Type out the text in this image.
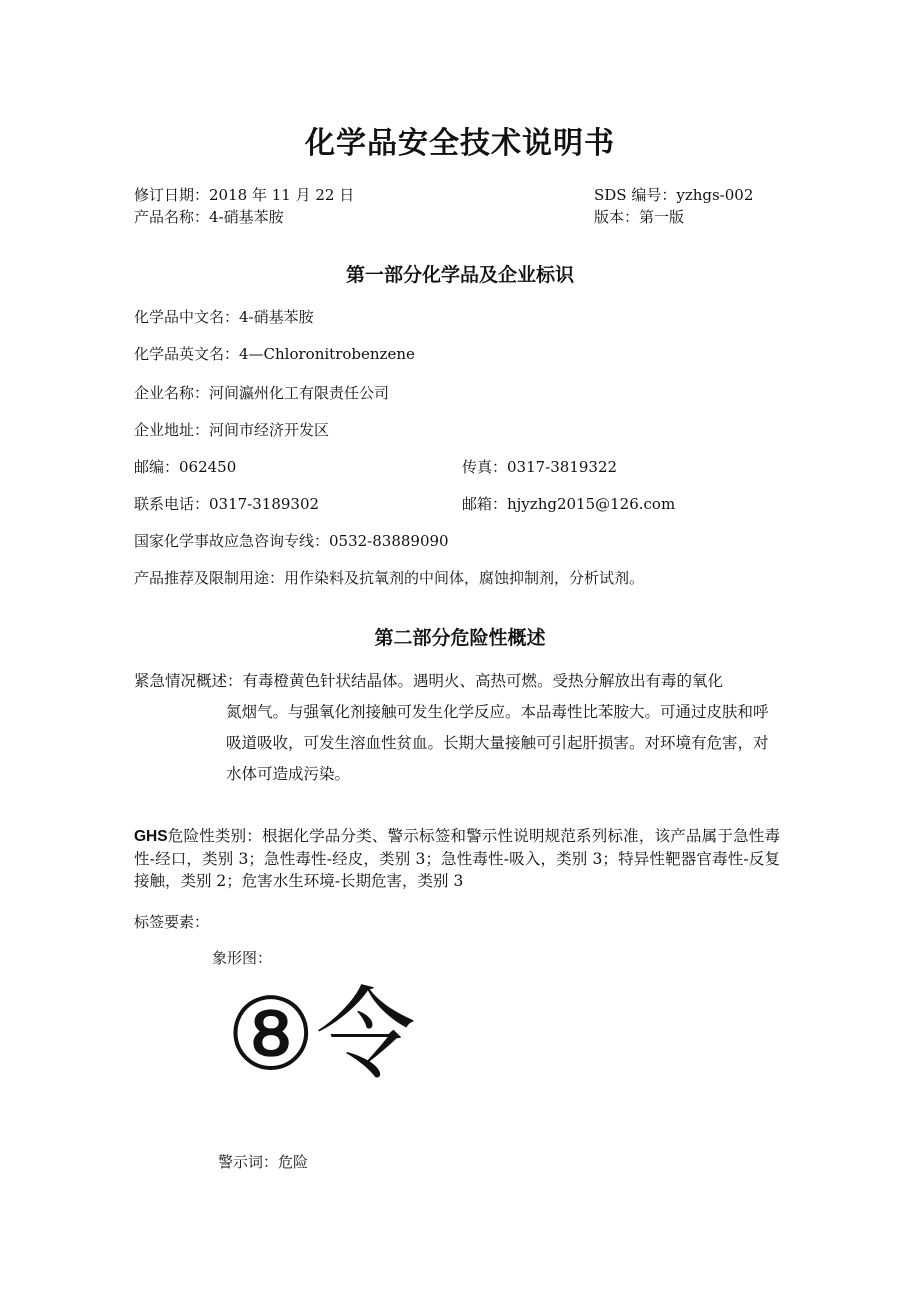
化学品安全技术说明书
修订日期：2018 年 11 月 22 日	SDS 编号：yzhgs-002
产品名称：4-硝基苯胺	版本：第一版
第一部分化学品及企业标识
化学品中文名：4-硝基苯胺
化学品英文名：4—Chloronitrobenzene
企业名称：河间瀛州化工有限责任公司
企业地址：河间市经济开发区
邮编：062450	传真：0317-3819322
联系电话：0317-3189302	邮箱：hjyzhg2015@126.com
国家化学事故应急咨询专线：0532-83889090
产品推荐及限制用途：用作染料及抗氧剂的中间体，腐蚀抑制剂，分析试剂。
第二部分危险性概述
紧急情况概述：有毒橙黄色针状结晶体。遇明火、高热可燃。受热分解放出有毒的氧化
氮烟气。与强氧化剂接触可发生化学反应。本品毒性比苯胺大。可通过皮肤和呼吸道吸收，可发生溶血性贫血。长期大量接触可引起肝损害。对环境有危害，对水体可造成污染。
GHS危险性类别：根据化学品分类、警示标签和警示性说明规范系列标准，该产品属于急性毒性-经口，类别 3；急性毒性-经皮，类别 3；急性毒性-吸入，类别 3；特异性靶器官毒性-反复接触，类别 2；危害水生环境-长期危害，类别 3
标签要素：
象形图：
⑧ 令
警示词：危险
